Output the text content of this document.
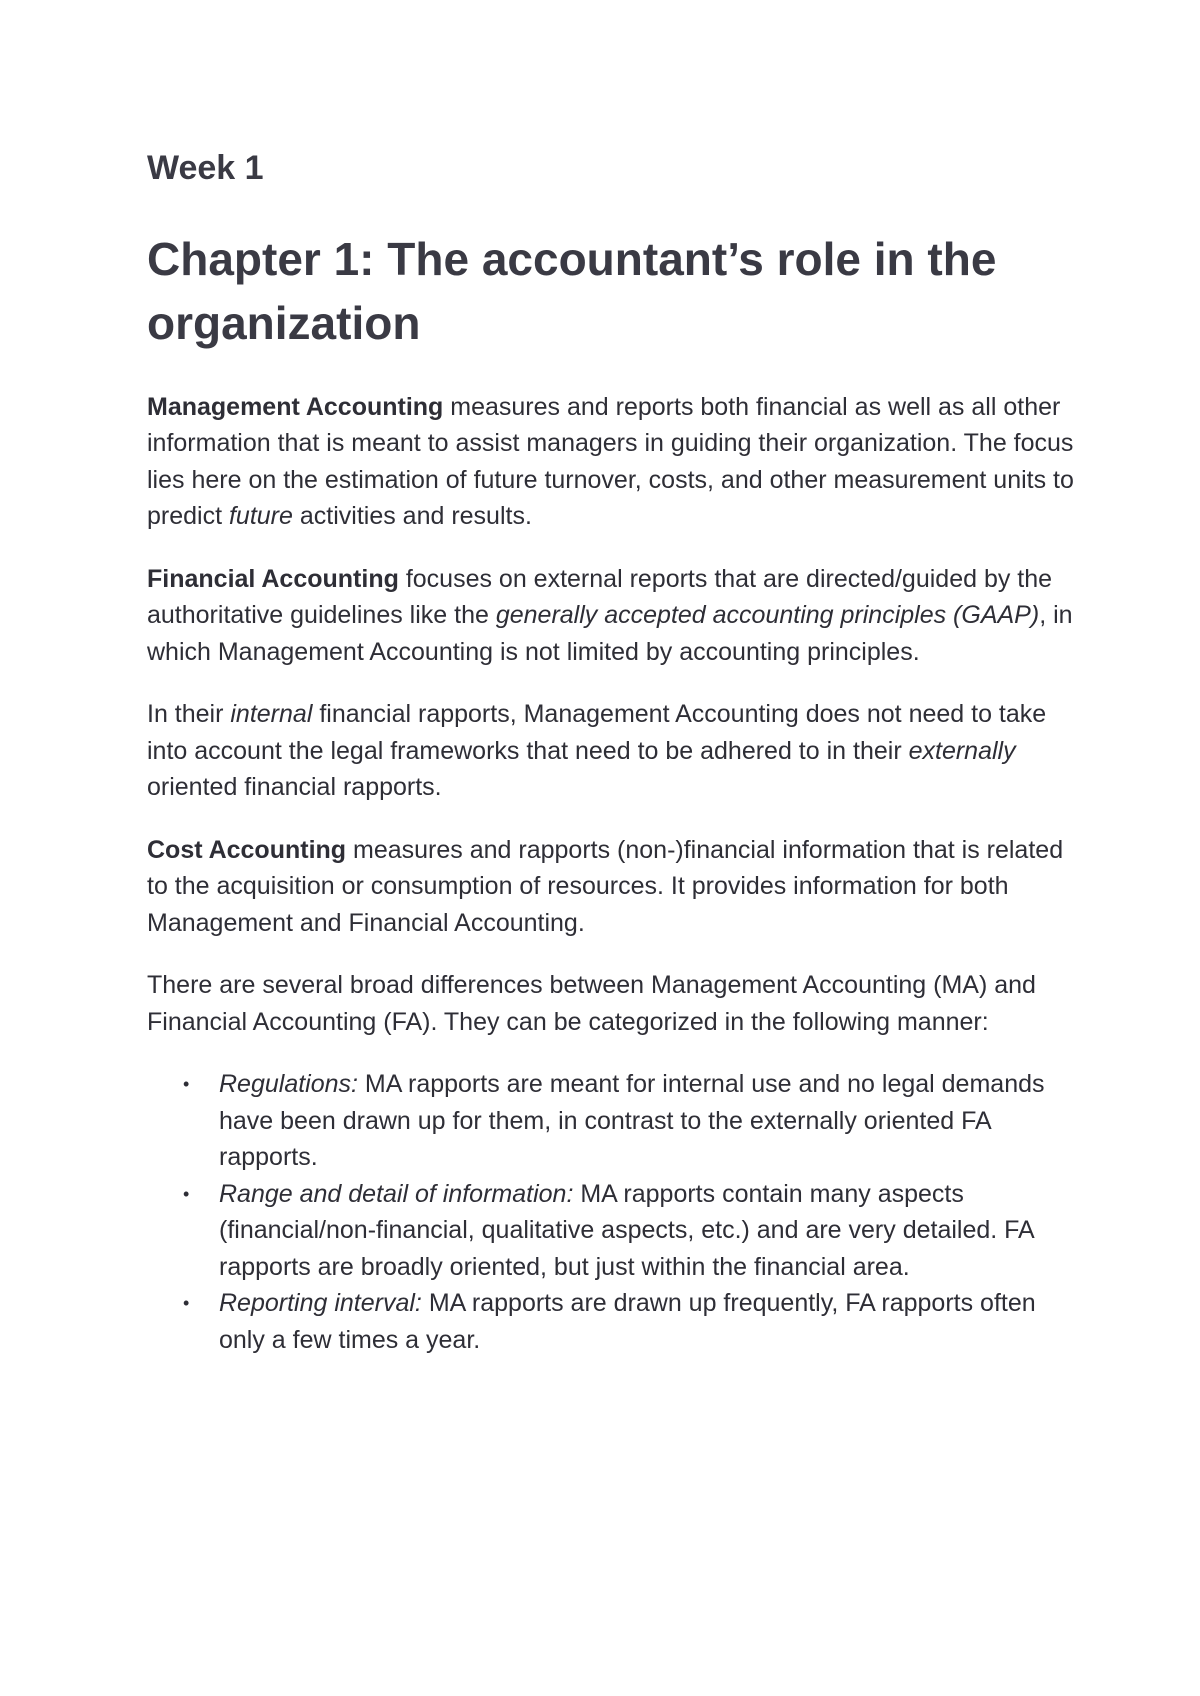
Week 1
Chapter 1: The accountant’s role in the organization

Management Accounting measures and reports both financial as well as all other information that is meant to assist managers in guiding their organization. The focus lies here on the estimation of future turnover, costs, and other measurement units to predict future activities and results.

Financial Accounting focuses on external reports that are directed/guided by the authoritative guidelines like the generally accepted accounting principles (GAAP), in which Management Accounting is not limited by accounting principles.

In their internal financial rapports, Management Accounting does not need to take into account the legal frameworks that need to be adhered to in their externally oriented financial rapports.

Cost Accounting measures and rapports (non-)financial information that is related to the acquisition or consumption of resources. It provides information for both Management and Financial Accounting.

There are several broad differences between Management Accounting (MA) and Financial Accounting (FA). They can be categorized in the following manner:

• Regulations: MA rapports are meant for internal use and no legal demands have been drawn up for them, in contrast to the externally oriented FA rapports.
• Range and detail of information: MA rapports contain many aspects (financial/non-financial, qualitative aspects, etc.) and are very detailed. FA rapports are broadly oriented, but just within the financial area.
• Reporting interval: MA rapports are drawn up frequently, FA rapports often only a few times a year.
